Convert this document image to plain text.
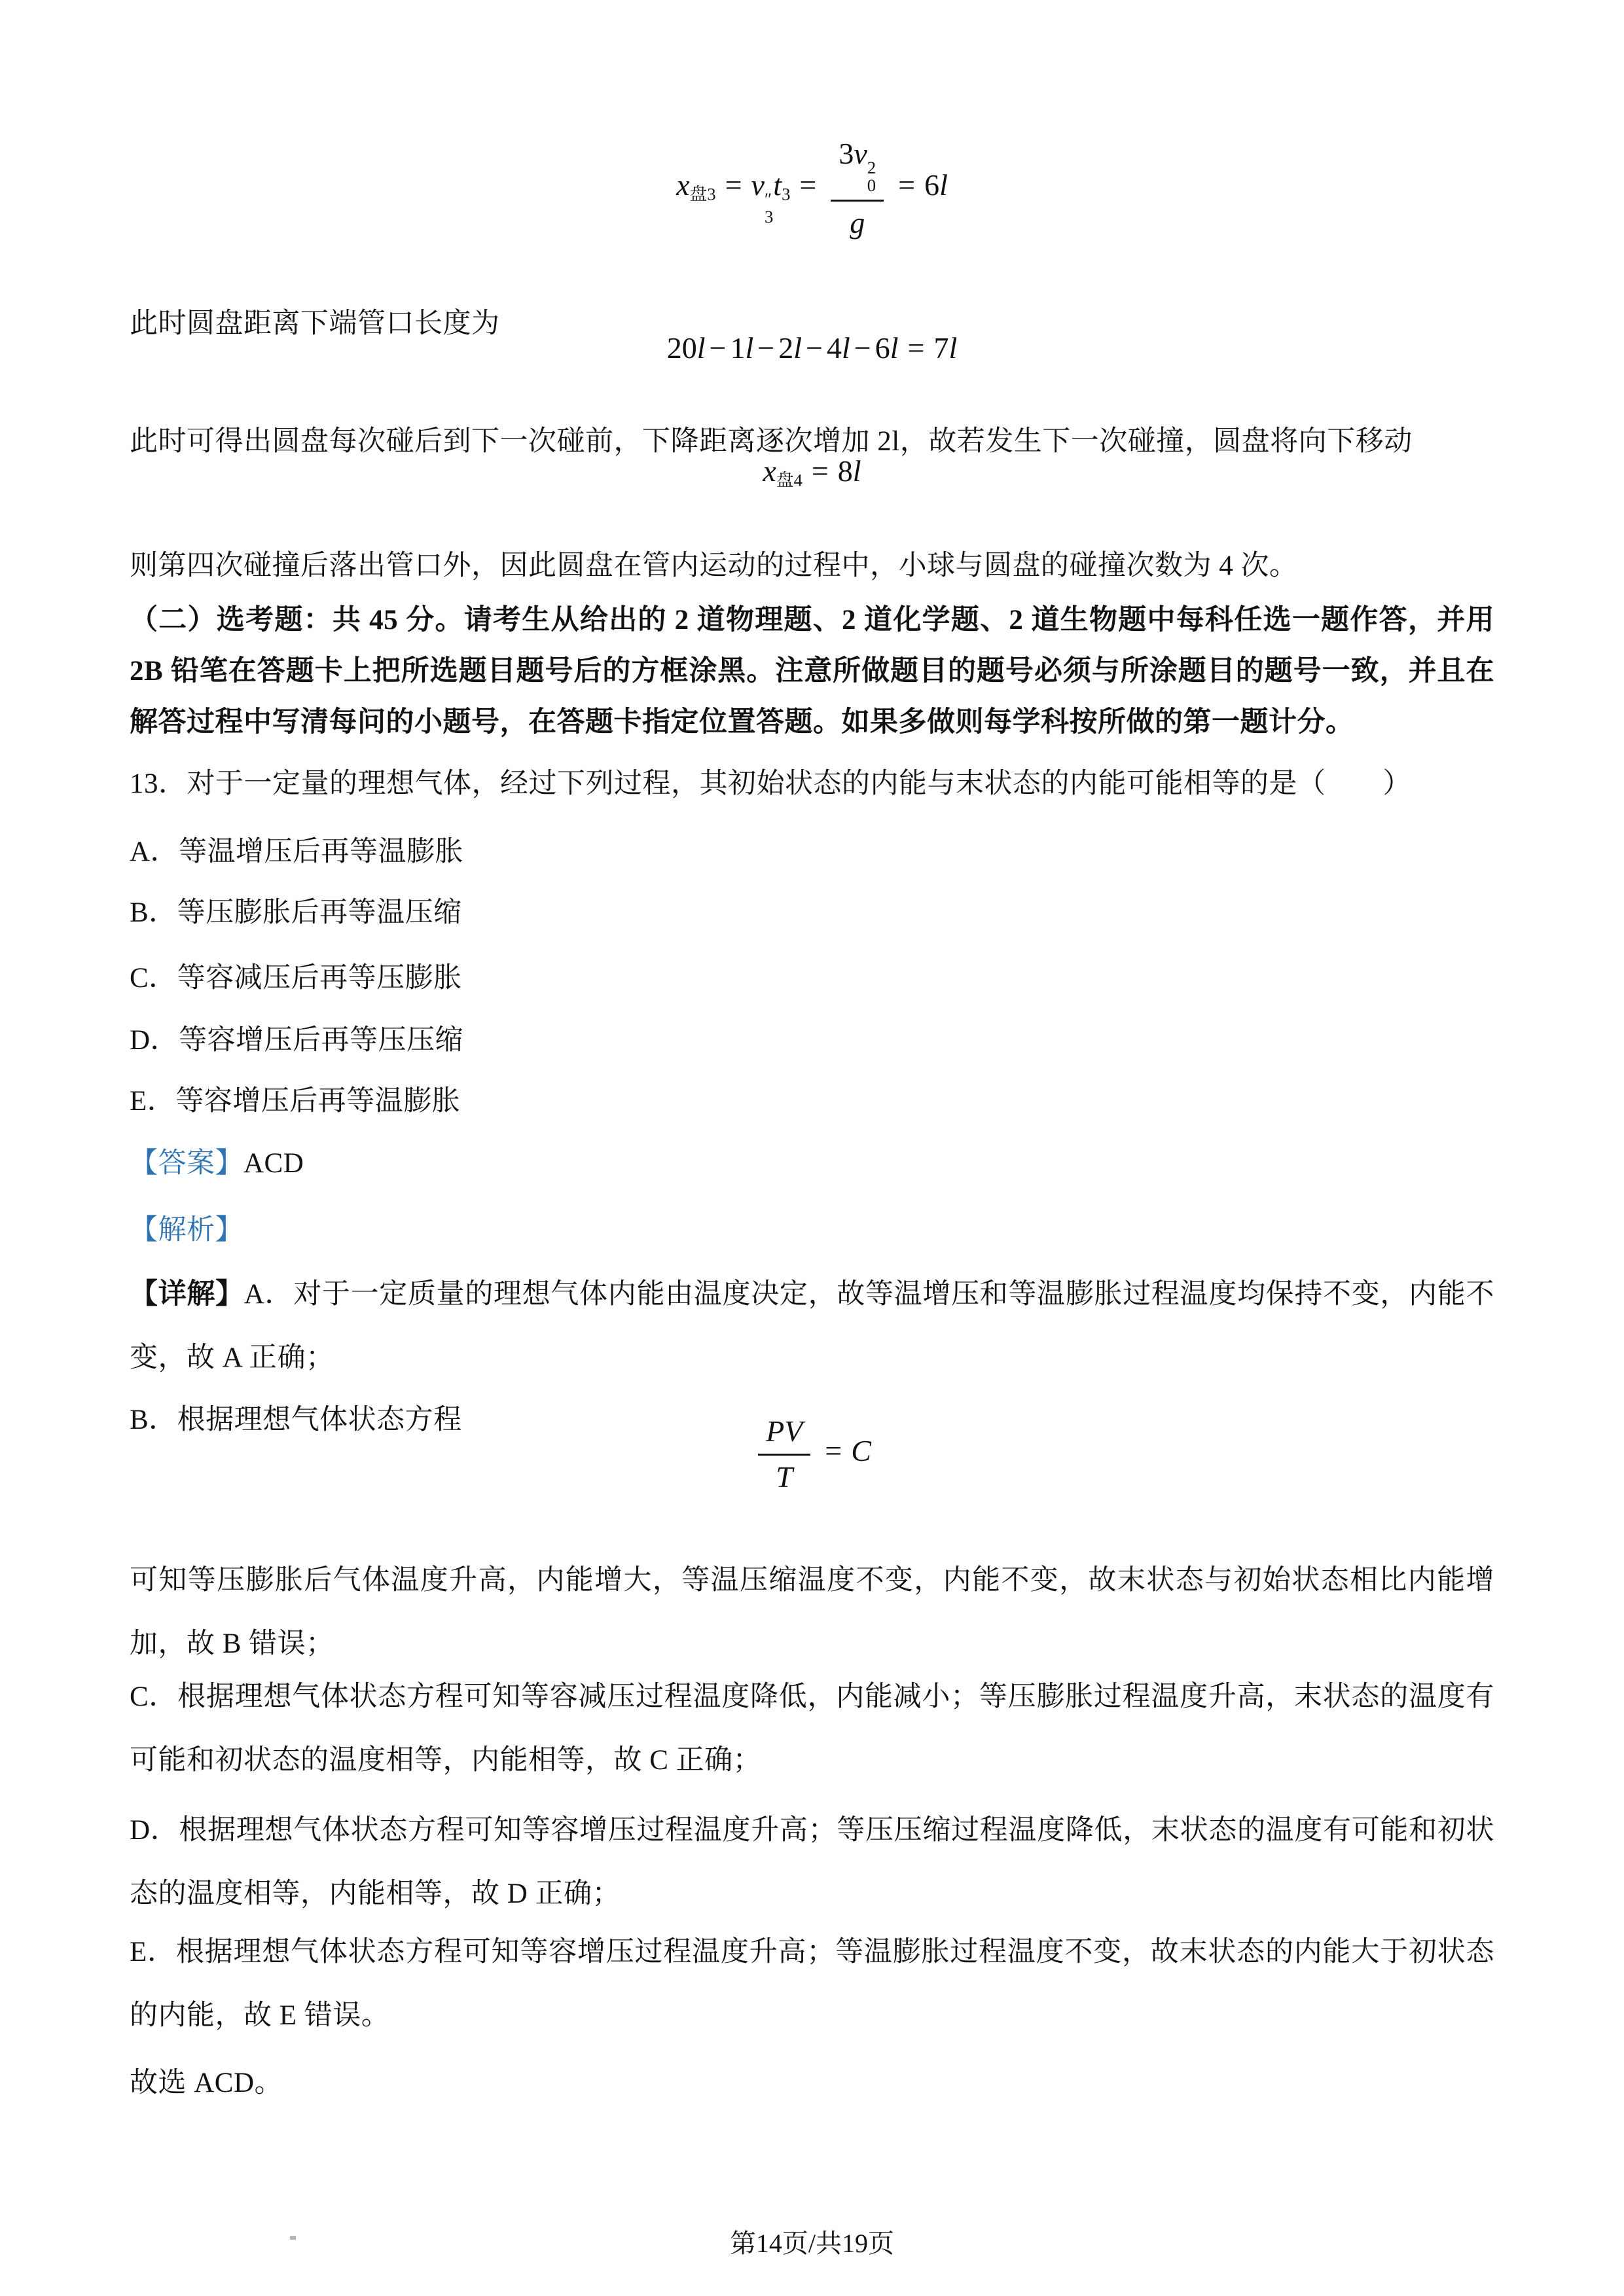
x盘3 = v ″
3
t3 = 3v 2
0
g = 6l

此时圆盘距离下端管口长度为

20l − 1l − 2l − 4l − 6l = 7l

此时可得出圆盘每次碰后到下一次碰前，下降距离逐次增加 2l，故若发生下一次碰撞，圆盘将向下移动

x盘4 = 8l

则第四次碰撞后落出管口外，因此圆盘在管内运动的过程中，小球与圆盘的碰撞次数为 4 次。

（二）选考题：共 45 分。请考生从给出的 2 道物理题、2 道化学题、2 道生物题中每科任选一题作答，并用 2B 铅笔在答题卡上把所选题目题号后的方框涂黑。注意所做题目的题号必须与所涂题目的题号一致，并且在解答过程中写清每问的小题号，在答题卡指定位置答题。如果多做则每学科按所做的第一题计分。

13．对于一定量的理想气体，经过下列过程，其初始状态的内能与末状态的内能可能相等的是（　　）

A．等温增压后再等温膨胀

B．等压膨胀后再等温压缩

C．等容减压后再等压膨胀

D．等容增压后再等压压缩

E．等容增压后再等温膨胀

【答案】ACD

【解析】

【详解】A．对于一定质量的理想气体内能由温度决定，故等温增压和等温膨胀过程温度均保持不变，内能不变，故 A 正确；

B．根据理想气体状态方程	$\frac{PV}{T} = C$

可知等压膨胀后气体温度升高，内能增大，等温压缩温度不变，内能不变，故末状态与初始状态相比内能增加，故 B 错误；

C．根据理想气体状态方程可知等容减压过程温度降低，内能减小；等压膨胀过程温度升高，末状态的温度有可能和初状态的温度相等，内能相等，故 C 正确；

D．根据理想气体状态方程可知等容增压过程温度升高；等压压缩过程温度降低，末状态的温度有可能和初状态的温度相等，内能相等，故 D 正确；

E．根据理想气体状态方程可知等容增压过程温度升高；等温膨胀过程温度不变，故末状态的内能大于初状态的内能，故 E 错误。

故选 ACD。

第14页/共19页
